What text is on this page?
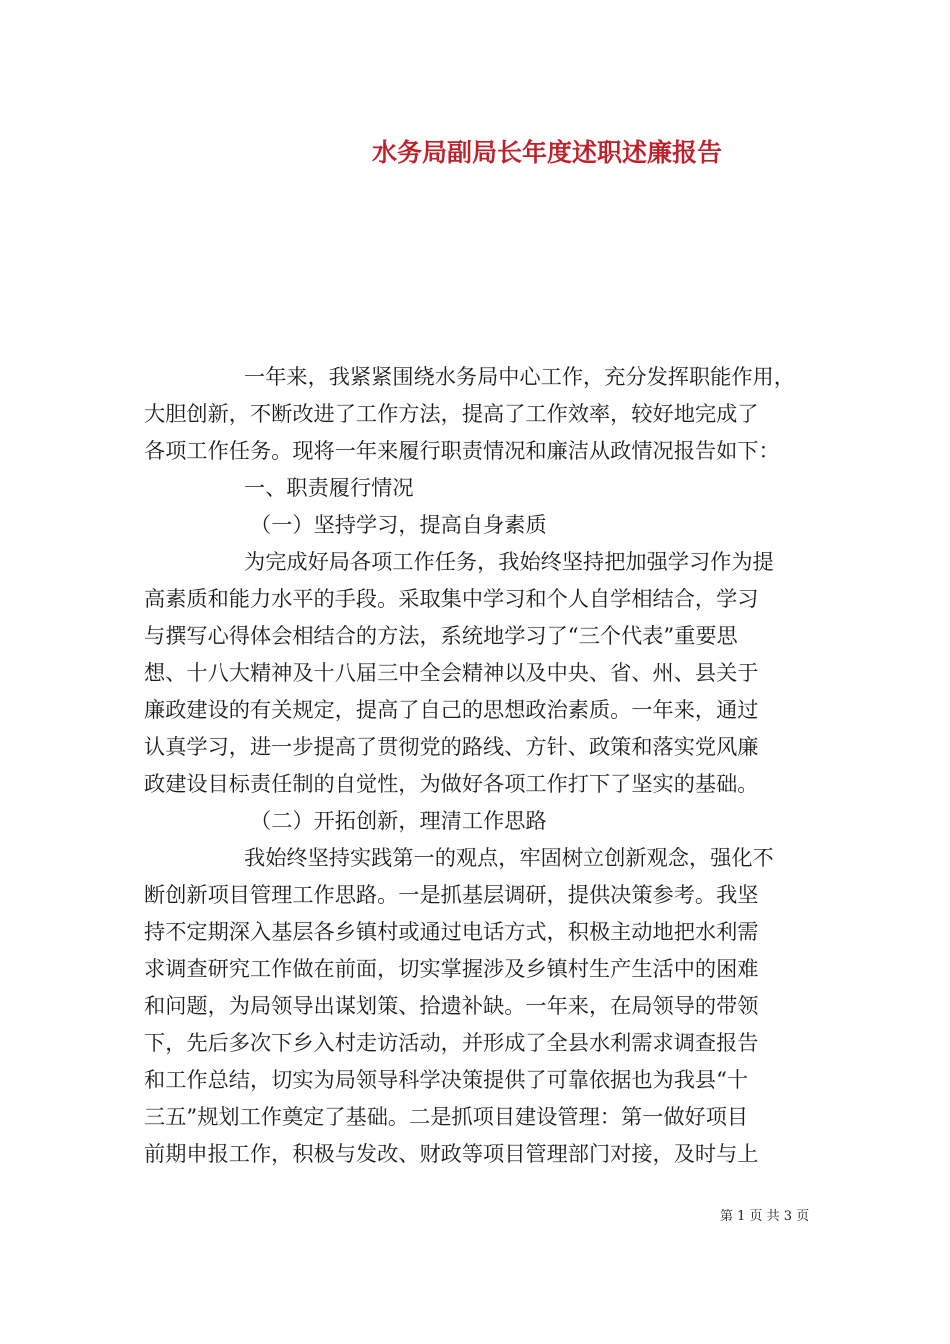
水务局副局长年度述职述廉报告
一年来，我紧紧围绕水务局中心工作，充分发挥职能作用，
大胆创新，不断改进了工作方法，提高了工作效率，较好地完成了
各项工作任务。现将一年来履行职责情况和廉洁从政情况报告如下：
一、职责履行情况
（一）坚持学习，提高自身素质
为完成好局各项工作任务，我始终坚持把加强学习作为提
高素质和能力水平的手段。采取集中学习和个人自学相结合，学习
与撰写心得体会相结合的方法，系统地学习了“三个代表”重要思
想、十八大精神及十八届三中全会精神以及中央、省、州、县关于
廉政建设的有关规定，提高了自己的思想政治素质。一年来，通过
认真学习，进一步提高了贯彻党的路线、方针、政策和落实党风廉
政建设目标责任制的自觉性，为做好各项工作打下了坚实的基础。
（二）开拓创新，理清工作思路
我始终坚持实践第一的观点，牢固树立创新观念，强化不
断创新项目管理工作思路。一是抓基层调研，提供决策参考。我坚
持不定期深入基层各乡镇村或通过电话方式，积极主动地把水利需
求调查研究工作做在前面，切实掌握涉及乡镇村生产生活中的困难
和问题，为局领导出谋划策、拾遗补缺。一年来，在局领导的带领
下，先后多次下乡入村走访活动，并形成了全县水利需求调查报告
和工作总结，切实为局领导科学决策提供了可靠依据也为我县“十
三五”规划工作奠定了基础。二是抓项目建设管理：第一做好项目
前期申报工作，积极与发改、财政等项目管理部门对接，及时与上
第 1 页 共 3 页
